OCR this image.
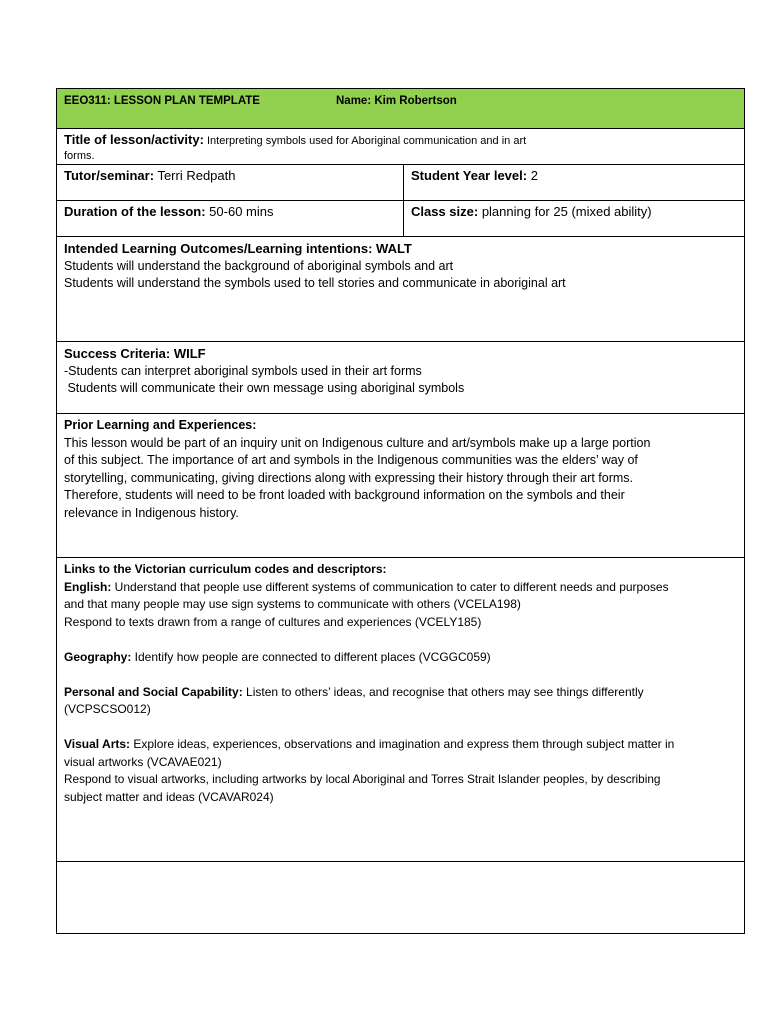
EEO311: LESSON PLAN TEMPLATE	Name: Kim Robertson
Title of lesson/activity: Interpreting symbols used for Aboriginal communication and in art
forms.
Tutor/seminar: Terri Redpath	Student Year level: 2
Duration of the lesson: 50-60 mins	Class size: planning for 25 (mixed ability)

Intended Learning Outcomes/Learning intentions: WALT

Students will understand the background of aboriginal symbols and art

Students will understand the symbols used to tell stories and communicate in aboriginal art

Success Criteria: WILF

-Students can interpret aboriginal symbols used in their art forms

Students will communicate their own message using aboriginal symbols

Prior Learning and Experiences:

This lesson would be part of an inquiry unit on Indigenous culture and art/symbols make up a large portion

of this subject. The importance of art and symbols in the Indigenous communities was the elders’ way of

storytelling, communicating, giving directions along with expressing their history through their art forms.

Therefore, students will need to be front loaded with background information on the symbols and their

relevance in Indigenous history.

Links to the Victorian curriculum codes and descriptors:

English: Understand that people use different systems of communication to cater to different needs and purposes

and that many people may use sign systems to communicate with others (VCELA198)

Respond to texts drawn from a range of cultures and experiences (VCELY185)

Geography: Identify how people are connected to different places (VCGGC059)

Personal and Social Capability: Listen to others’ ideas, and recognise that others may see things differently

(VCPSCSO012)

Visual Arts: Explore ideas, experiences, observations and imagination and express them through subject matter in

visual artworks (VCAVAE021)

Respond to visual artworks, including artworks by local Aboriginal and Torres Strait Islander peoples, by describing

subject matter and ideas (VCAVAR024)
